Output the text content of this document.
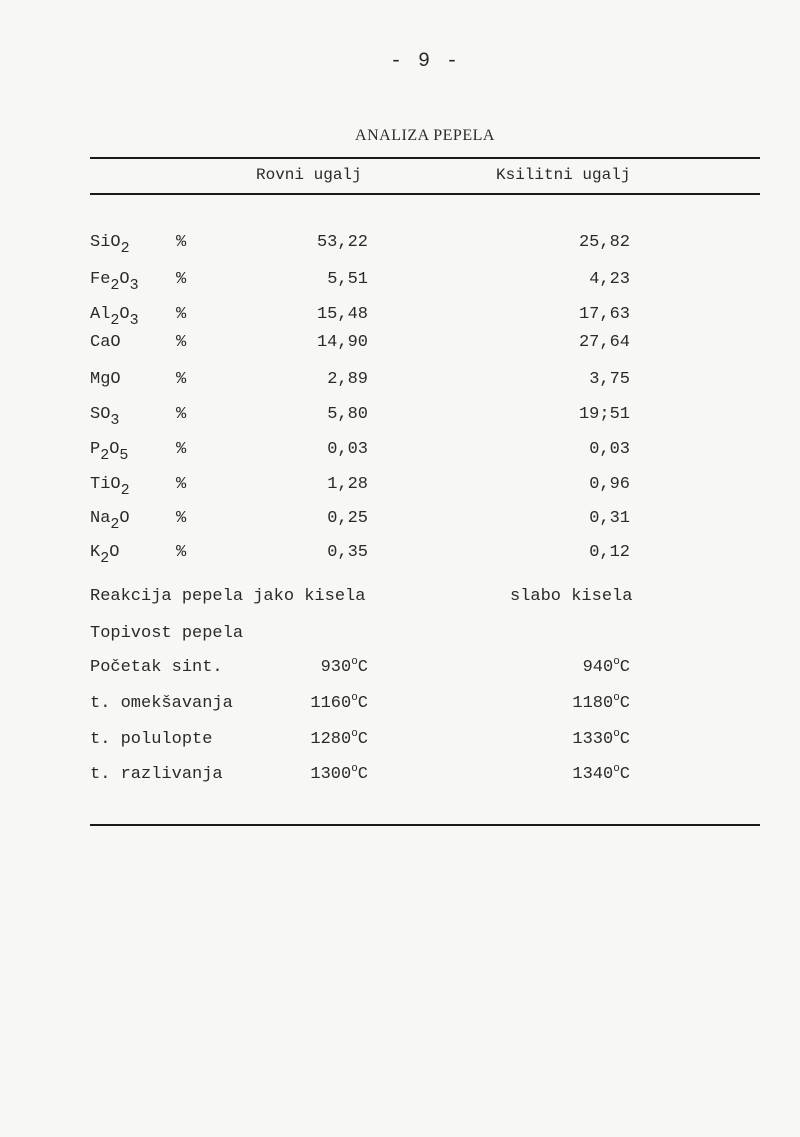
- 9 -
ANALIZA PEPELA
Rovni ugalj	Ksilitni ugalj
SiO$_2$	%	53,22	25,82
$Fe_2O_3$ %	5,51	4,23
$Al_2O_3$ %	15,48	17,63
CaO	%	14,90	27,64
MgO	%	2,89	3,75
$SO_3$	%	5,80	19;51
$P_2O_5$	%	0,03	0,03
TiO$_2$	%	1,28	0,96
$Na_2O$	%	0,25	0,31
$K_2O$	%	0,35	0,12
Reakcija pepela jako kisela	slabo kisela
Topivost pepela
Početak sint.	930$^o$C	940$^o$C
t. omekšavanja	1160$^o$C	1180$^o$C
t. polulopte	1280$^o$C	1330$^o$C
t. razlivanja	1300$^o$C	1340$^o$C
